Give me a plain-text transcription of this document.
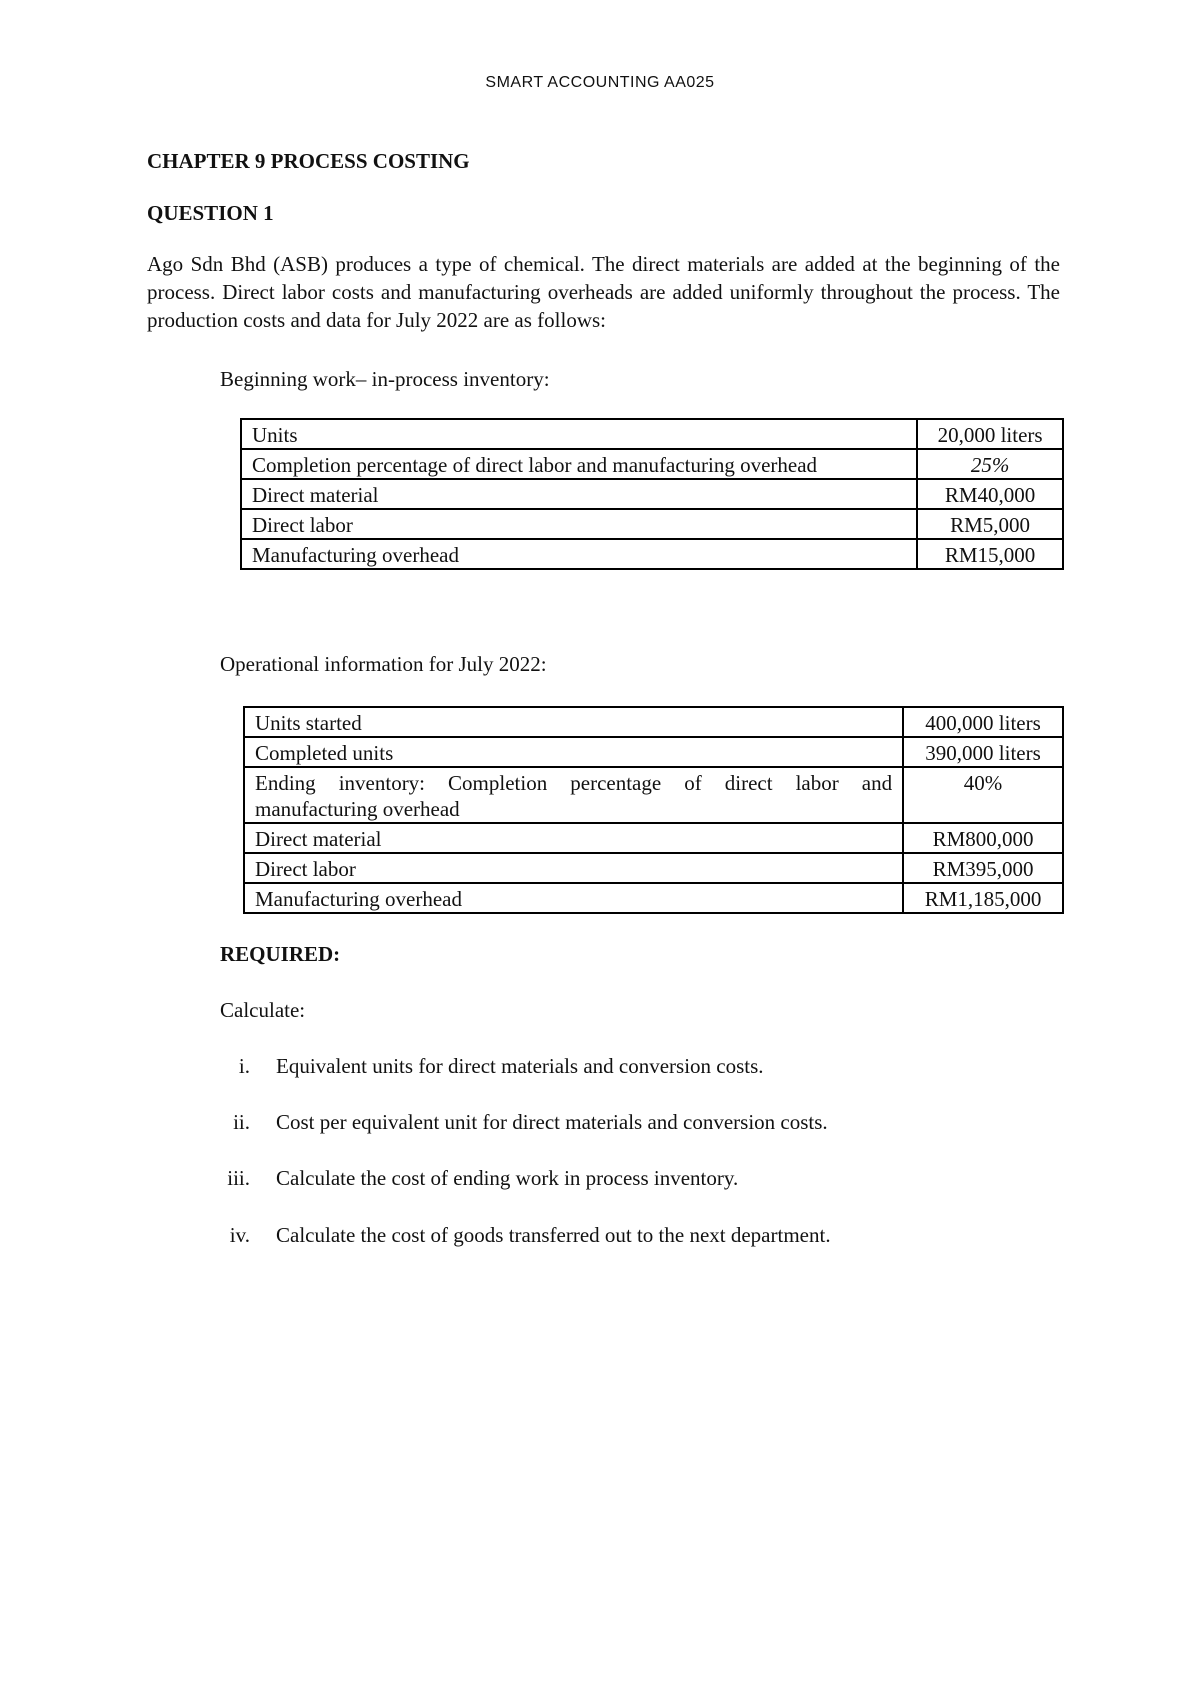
SMART ACCOUNTING AA025
CHAPTER 9 PROCESS COSTING
QUESTION 1

Ago Sdn Bhd (ASB) produces a type of chemical. The direct materials are added at the beginning of the process. Direct labor costs and manufacturing overheads are added uniformly throughout the process. The production costs and data for July 2022 are as follows:

Beginning work– in-process inventory:
Units	20,000 liters
Completion percentage of direct labor and manufacturing overhead	25%
Direct material	RM40,000
Direct labor	RM5,000
Manufacturing overhead	RM15,000
Operational information for July 2022:
Units started	400,000 liters
Completed units	390,000 liters
Ending inventory: Completion percentage of direct labor and manufacturing overhead	40%
Direct material	RM800,000
Direct labor	RM395,000
Manufacturing overhead	RM1,185,000
REQUIRED:
Calculate:
i. Equivalent units for direct materials and conversion costs.
ii. Cost per equivalent unit for direct materials and conversion costs.
iii. Calculate the cost of ending work in process inventory.
iv. Calculate the cost of goods transferred out to the next department.
